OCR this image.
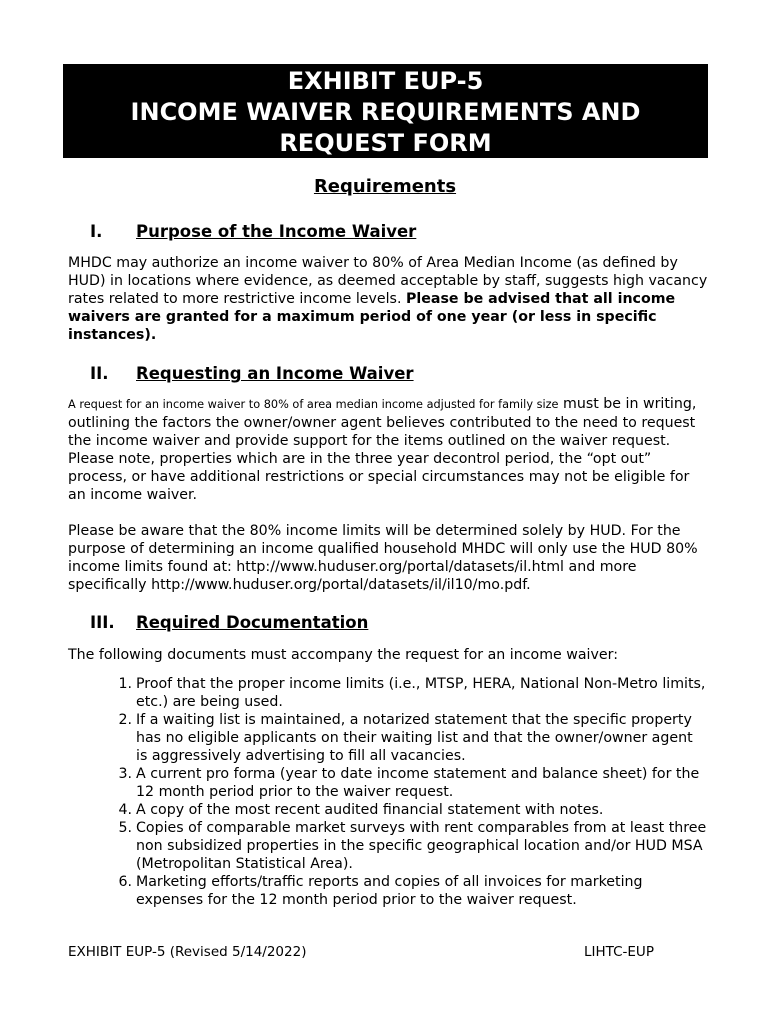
EXHIBIT EUP-5
INCOME WAIVER REQUIREMENTS AND
REQUEST FORM
Requirements
I. Purpose of the Income Waiver
MHDC may authorize an income waiver to 80% of Area Median Income (as defined by HUD) in locations where evidence, as deemed acceptable by staff, suggests high vacancy rates related to more restrictive income levels. Please be advised that all income waivers are granted for a maximum period of one year (or less in specific instances).
II. Requesting an Income Waiver
A request for an income waiver to 80% of area median income adjusted for family size must be in writing, outlining the factors the owner/owner agent believes contributed to the need to request the income waiver and provide support for the items outlined on the waiver request. Please note, properties which are in the three year decontrol period, the “opt out” process, or have additional restrictions or special circumstances may not be eligible for an income waiver.
Please be aware that the 80% income limits will be determined solely by HUD. For the purpose of determining an income qualified household MHDC will only use the HUD 80% income limits found at: http://www.huduser.org/portal/datasets/il.html and more specifically http://www.huduser.org/portal/datasets/il/il10/mo.pdf.
III. Required Documentation
The following documents must accompany the request for an income waiver:
1. Proof that the proper income limits (i.e., MTSP, HERA, National Non-Metro limits, etc.) are being used.
2. If a waiting list is maintained, a notarized statement that the specific property has no eligible applicants on their waiting list and that the owner/owner agent is aggressively advertising to fill all vacancies.
3. A current pro forma (year to date income statement and balance sheet) for the 12 month period prior to the waiver request.
4. A copy of the most recent audited financial statement with notes.
5. Copies of comparable market surveys with rent comparables from at least three non subsidized properties in the specific geographical location and/or HUD MSA (Metropolitan Statistical Area).
6. Marketing efforts/traffic reports and copies of all invoices for marketing expenses for the 12 month period prior to the waiver request.
EXHIBIT EUP-5 (Revised 5/14/2022)	LIHTC-EUP
